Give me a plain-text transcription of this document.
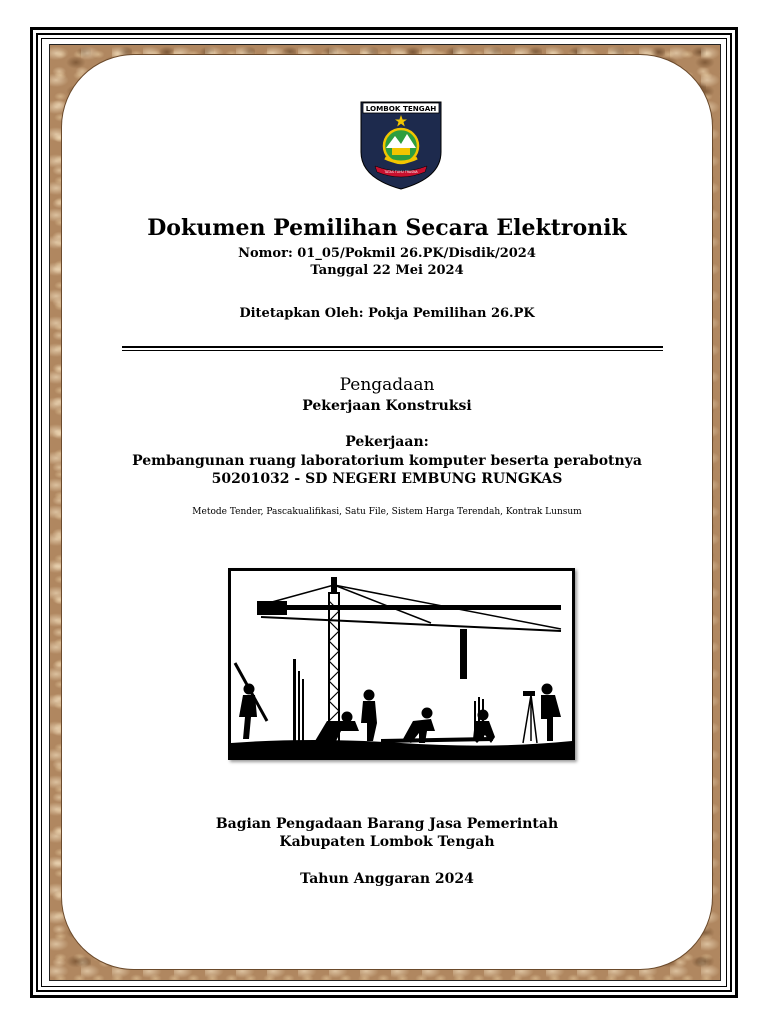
LOMBOK TENGAH
TATAS TUHU TRASNA
Dokumen Pemilihan Secara Elektronik
Nomor: 01_05/Pokmil 26.PK/Disdik/2024
Tanggal 22 Mei 2024
Ditetapkan Oleh: Pokja Pemilihan 26.PK
Pengadaan
Pekerjaan Konstruksi
Pekerjaan:
Pembangunan ruang laboratorium komputer beserta perabotnya
50201032 - SD NEGERI EMBUNG RUNGKAS
Metode Tender, Pascakualifikasi, Satu File, Sistem Harga Terendah, Kontrak Lunsum
Bagian Pengadaan Barang Jasa Pemerintah
Kabupaten Lombok Tengah
Tahun Anggaran 2024
